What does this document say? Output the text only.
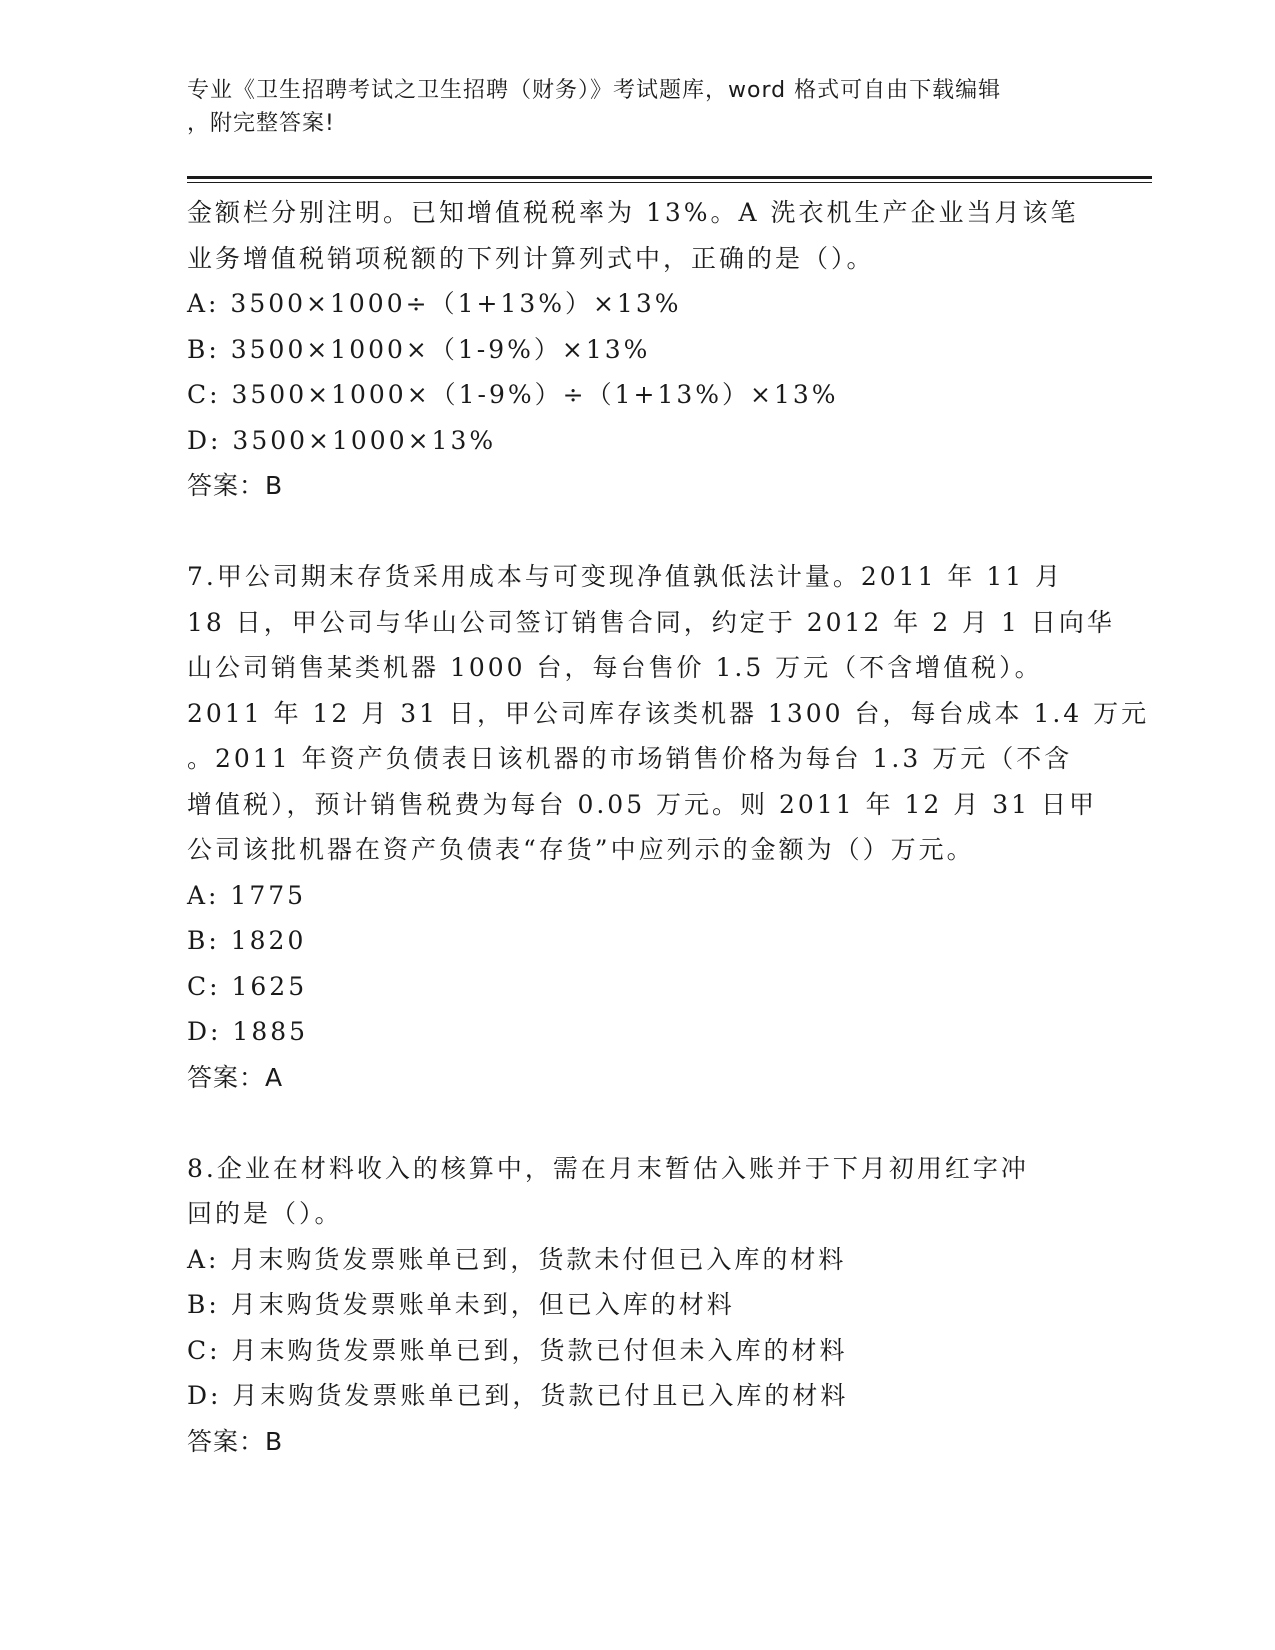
专业《卫生招聘考试之卫生招聘（财务）》考试题库，word 格式可自由下载编辑
，附完整答案!
金额栏分别注明。已知增值税税率为 13%。A 洗衣机生产企业当月该笔
业务增值税销项税额的下列计算列式中，正确的是（）。
A: 3500×1000÷（1+13%）×13%
B: 3500×1000×（1-9%）×13%
C: 3500×1000×（1-9%）÷（1+13%）×13%
D: 3500×1000×13%
答案：B
7.甲公司期末存货采用成本与可变现净值孰低法计量。2011 年 11 月
18 日，甲公司与华山公司签订销售合同，约定于 2012 年 2 月 1 日向华
山公司销售某类机器 1000 台，每台售价 1.5 万元（不含增值税）。
2011 年 12 月 31 日，甲公司库存该类机器 1300 台，每台成本 1.4 万元
。2011 年资产负债表日该机器的市场销售价格为每台 1.3 万元（不含
增值税），预计销售税费为每台 0.05 万元。则 2011 年 12 月 31 日甲
公司该批机器在资产负债表“存货”中应列示的金额为（）万元。
A: 1775
B: 1820
C: 1625
D: 1885
答案：A
8.企业在材料收入的核算中，需在月末暂估入账并于下月初用红字冲
回的是（）。
A: 月末购货发票账单已到，货款未付但已入库的材料
B: 月末购货发票账单未到，但已入库的材料
C: 月末购货发票账单已到，货款已付但未入库的材料
D: 月末购货发票账单已到，货款已付且已入库的材料
答案：B
